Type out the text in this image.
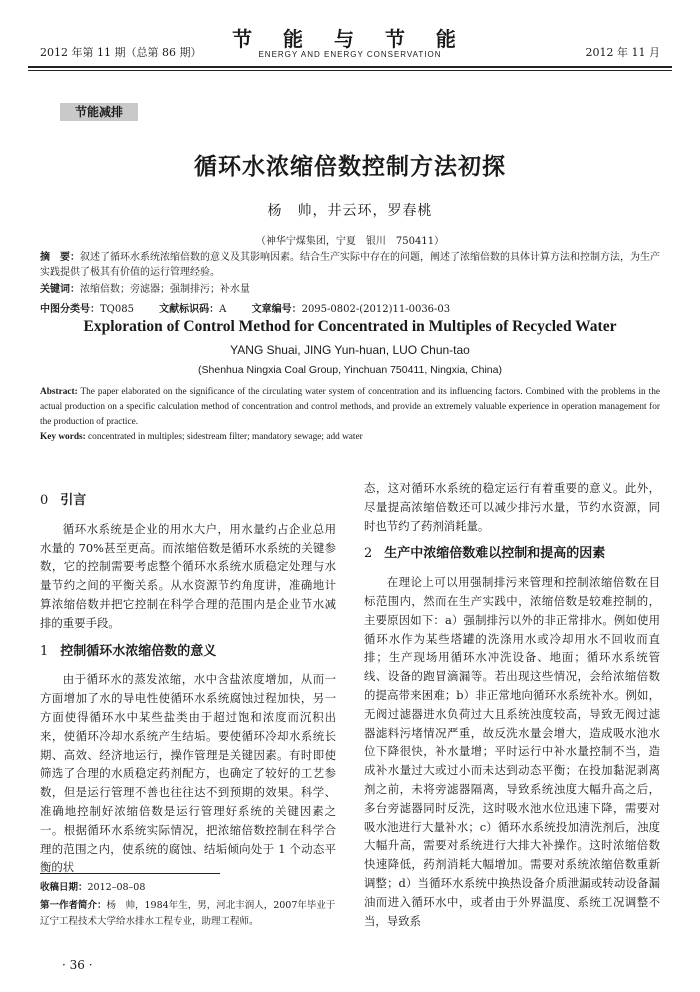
2012 年第 11 期（总第 86 期）
节 能 与 节 能
ENERGY AND ENERGY CONSERVATION	2012 年 11 月
节能减排
循环水浓缩倍数控制方法初探
杨　帅，井云环，罗春桃
（神华宁煤集团，宁夏　银川　750411）
摘　要：叙述了循环水系统浓缩倍数的意义及其影响因素。结合生产实际中存在的问题，阐述了浓缩倍数的具体计算方法和控制方法，为生产实践提供了极其有价值的运行管理经验。
关键词：浓缩倍数；旁滤器；强制排污；补水量
中图分类号：TQ085	文献标识码：A	文章编号：2095-0802-(2012)11-0036-03
Exploration of Control Method for Concentrated in Multiples of Recycled Water
YANG Shuai, JING Yun-huan, LUO Chun-tao
(Shenhua Ningxia Coal Group, Yinchuan 750411, Ningxia, China)
Abstract: The paper elaborated on the significance of the circulating water system of concentration and its influencing factors. Combined with the problems in the actual production on a specific calculation method of concentration and control methods, and provide an extremely valuable experience in operation management for the production of practice.
Key words: concentrated in multiples; sidestream filter; mandatory sewage; add water
0 引言

循环水系统是企业的用水大户，用水量约占企业总用水量的 70%甚至更高。而浓缩倍数是循环水系统的关键参数，它的控制需要考虑整个循环水系统水质稳定处理与水量节约之间的平衡关系。从水资源节约角度讲，准确地计算浓缩倍数并把它控制在科学合理的范围内是企业节水减排的重要手段。

1 控制循环水浓缩倍数的意义

由于循环水的蒸发浓缩，水中含盐浓度增加，从而一方面增加了水的导电性使循环水系统腐蚀过程加快，另一方面使得循环水中某些盐类由于超过饱和浓度而沉积出来，使循环冷却水系统产生结垢。要使循环冷却水系统长期、高效、经济地运行，操作管理是关键因素。有时即使筛选了合理的水质稳定药剂配方，也确定了较好的工艺参数，但是运行管理不善也往往达不到预期的效果。科学、准确地控制好浓缩倍数是运行管理好系统的关键因素之一。根据循环水系统实际情况，把浓缩倍数控制在科学合理的范围之内，使系统的腐蚀、结垢倾向处于 1 个动态平衡的状

态，这对循环水系统的稳定运行有着重要的意义。此外，尽量提高浓缩倍数还可以减少排污水量，节约水资源，同时也节约了药剂消耗量。

2 生产中浓缩倍数难以控制和提高的因素

在理论上可以用强制排污来管理和控制浓缩倍数在目标范围内，然而在生产实践中，浓缩倍数是较难控制的，主要原因如下：a）强制排污以外的非正常排水。例如使用循环水作为某些塔罐的洗涤用水或冷却用水不回收而直排；生产现场用循环水冲洗设备、地面；循环水系统管线、设备的跑冒滴漏等。若出现这些情况，会给浓缩倍数的提高带来困难；b）非正常地向循环水系统补水。例如，无阀过滤器进水负荷过大且系统浊度较高，导致无阀过滤器滤料污堵情况严重，故反洗水量会增大，造成吸水池水位下降很快，补水量增；平时运行中补水量控制不当，造成补水量过大或过小而未达到动态平衡；在投加黏泥剥离剂之前，未将旁滤器隔离，导致系统浊度大幅升高之后，多台旁滤器同时反洗，这时吸水池水位迅速下降，需要对吸水池进行大量补水；c）循环水系统投加清洗剂后，浊度大幅升高，需要对系统进行大排大补操作。这时浓缩倍数快速降低，药剂消耗大幅增加。需要对系统浓缩倍数重新调整；d）当循环水系统中换热设备介质泄漏或转动设备漏油而进入循环水中，或者由于外界温度、系统工况调整不当，导致系

收稿日期：2012–08–08
第一作者简介：杨　帅，1984年生，男，河北丰润人，2007年毕业于辽宁工程技术大学给水排水工程专业，助理工程师。
· 36 ·
